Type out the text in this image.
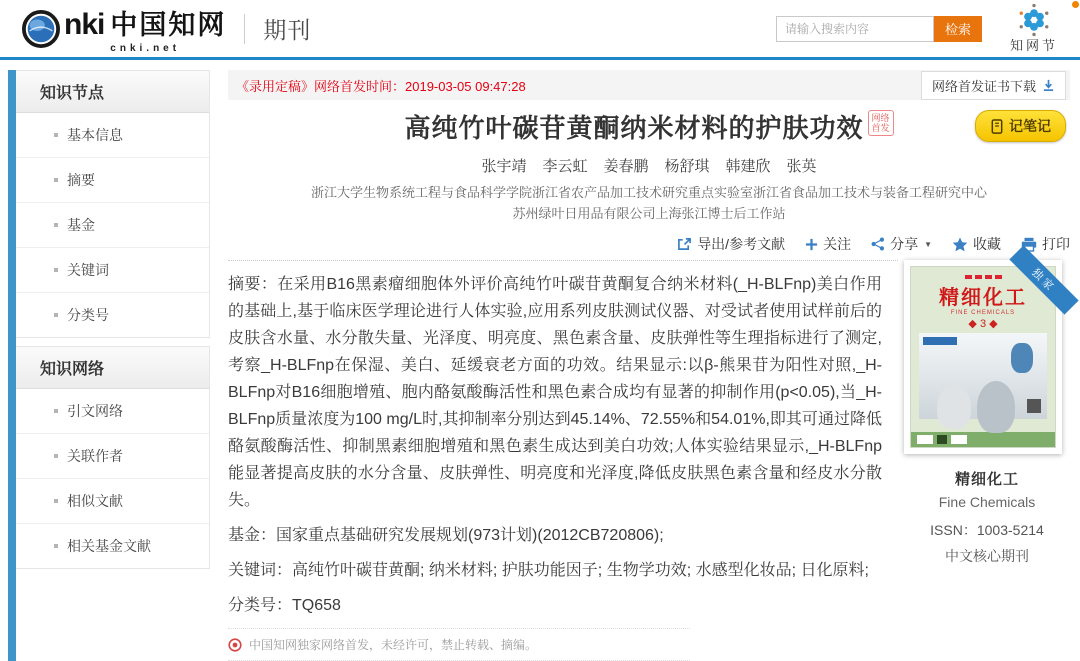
nki 中国知网
cnki.net
期刊
请输入搜索内容	检索
知网节
知识节点
基本信息
摘要
基金
关键词
分类号
知识网络
引文网络
关联作者
相似文献
相关基金文献
《录用定稿》网络首发时间：2019-03-05 09:47:28	网络首发证书下载
高纯竹叶碳苷黄酮纳米材料的护肤功效 网络
首发	记笔记
张宇靖 李云虹 姜春鹏 杨舒琪 韩建欣 张英
浙江大学生物系统工程与食品科学学院浙江省农产品加工技术研究重点实验室浙江省食品加工技术与装备工程研究中心
苏州绿叶日用品有限公司上海张江博士后工作站
导出/参考文献	关注	分享 ▼	收藏	打印

摘要：在采用B16黑素瘤细胞体外评价高纯竹叶碳苷黄酮复合纳米材料(_H-BLFnp)美白作用的基础上,基于临床医学理论进行人体实验,应用系列皮肤测试仪器、对受试者使用试样前后的皮肤含水量、水分散失量、光泽度、明亮度、黑色素含量、皮肤弹性等生理指标进行了测定,考察_H-BLFnp在保湿、美白、延缓衰老方面的功效。结果显示:以β-熊果苷为阳性对照,_H-BLFnp对B16细胞增殖、胞内酪氨酸酶活性和黑色素合成均有显著的抑制作用(p<0.05),当_H-BLFnp质量浓度为100 mg/L时,其抑制率分别达到45.14%、72.55%和54.01%,即其可通过降低酪氨酸酶活性、抑制黑素细胞增殖和黑色素生成达到美白功效;人体实验结果显示,_H-BLFnp能显著提高皮肤的水分含量、皮肤弹性、明亮度和光泽度,降低皮肤黑色素含量和经皮水分散失。

基金：国家重点基础研究发展规划(973计划)(2012CB720806);
关键词：高纯竹叶碳苷黄酮; 纳米材料; 护肤功能因子; 生物学功效; 水感型化妆品; 日化原料;
分类号：TQ658
中国知网独家网络首发，未经许可，禁止转载、摘编。
精细化工
FINE CHEMICALS
◆ 3 ◆
独家
精细化工
Fine Chemicals
ISSN：1003-5214
中文核心期刊
